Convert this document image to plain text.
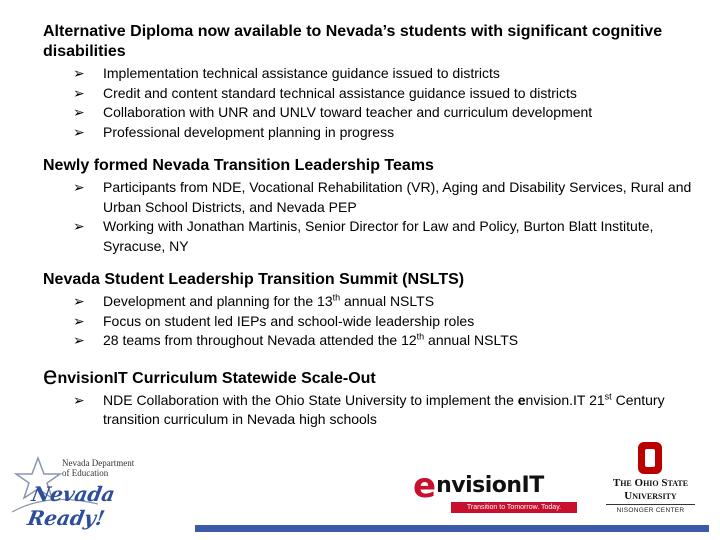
Alternative Diploma now available to Nevada’s students with significant cognitive disabilities

➢ Implementation technical assistance guidance issued to districts
➢ Credit and content standard technical assistance guidance issued to districts
➢ Collaboration with UNR and UNLV toward teacher and curriculum development
➢ Professional development planning in progress

Newly formed Nevada Transition Leadership Teams

➢ Participants from NDE, Vocational Rehabilitation (VR), Aging and Disability Services, Rural and Urban School Districts, and Nevada PEP
➢ Working with Jonathan Martinis, Senior Director for Law and Policy, Burton Blatt Institute, Syracuse, NY

Nevada Student Leadership Transition Summit (NSLTS)

➢ Development and planning for the 13th annual NSLTS
➢ Focus on student led IEPs and school-wide leadership roles
➢ 28 teams from throughout Nevada attended the 12th annual NSLTS

envisionIT Curriculum Statewide Scale-Out

➢ NDE Collaboration with the Ohio State University to implement the envision.IT 21st Century transition curriculum in Nevada high schools
Nevada Department
of Education
Nevada Ready!
envisionIT
Transition to Tomorrow. Today.
O
The Ohio State
University
NISONGER CENTER
